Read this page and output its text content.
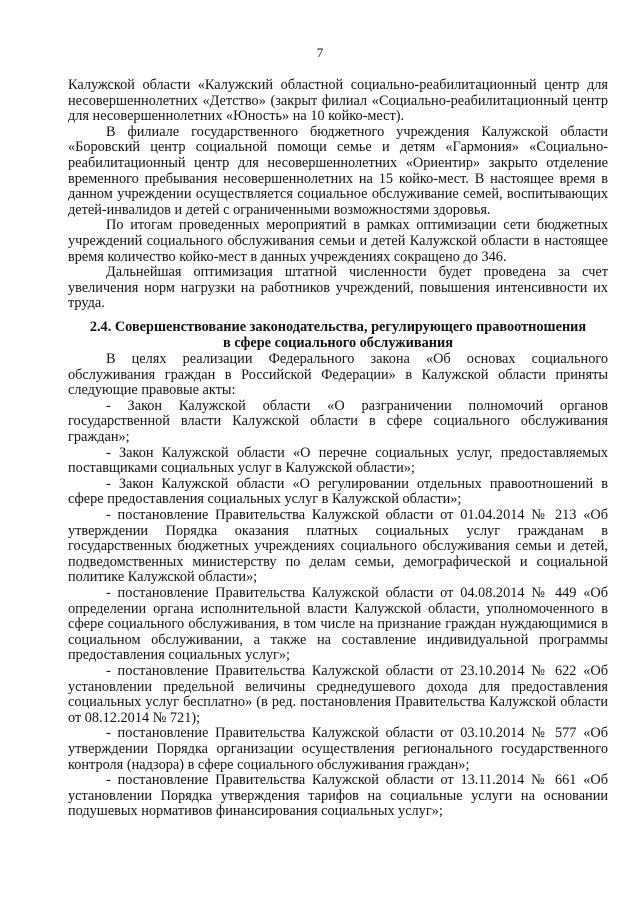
7

Калужской области «Калужский областной социально-реабилитационный центр для несовершеннолетних «Детство» (закрыт филиал «Социально-реабилитационный центр для несовершеннолетних «Юность» на 10 койко-мест).

В филиале государственного бюджетного учреждения Калужской области «Боровский центр социальной помощи семье и детям «Гармония» «Социально-реабилитационный центр для несовершеннолетних «Ориентир» закрыто отделение временного пребывания несовершеннолетних на 15 койко-мест. В настоящее время в данном учреждении осуществляется социальное обслуживание семей, воспитывающих детей-инвалидов и детей с ограниченными возможностями здоровья.

По итогам проведенных мероприятий в рамках оптимизации сети бюджетных учреждений социального обслуживания семьи и детей Калужской области в настоящее время количество койко-мест в данных учреждениях сокращено до 346.

Дальнейшая оптимизация штатной численности будет проведена за счет увеличения норм нагрузки на работников учреждений, повышения интенсивности их труда.

2.4. Совершенствование законодательства, регулирующего правоотношения
в сфере социального обслуживания

В целях реализации Федерального закона «Об основах социального обслуживания граждан в Российской Федерации» в Калужской области приняты следующие правовые акты:

- Закон Калужской области «О разграничении полномочий органов государственной власти Калужской области в сфере социального обслуживания граждан»;

- Закон Калужской области «О перечне социальных услуг, предоставляемых поставщиками социальных услуг в Калужской области»;

- Закон Калужской области «О регулировании отдельных правоотношений в сфере предоставления социальных услуг в Калужской области»;

- постановление Правительства Калужской области от 01.04.2014 № 213 «Об утверждении Порядка оказания платных социальных услуг гражданам в государственных бюджетных учреждениях социального обслуживания семьи и детей, подведомственных министерству по делам семьи, демографической и социальной политике Калужской области»;

- постановление Правительства Калужской области от 04.08.2014 № 449 «Об определении органа исполнительной власти Калужской области, уполномоченного в сфере социального обслуживания, в том числе на признание граждан нуждающимися в социальном обслуживании, а также на составление индивидуальной программы предоставления социальных услуг»;

- постановление Правительства Калужской области от 23.10.2014 № 622 «Об установлении предельной величины среднедушевого дохода для предоставления социальных услуг бесплатно» (в ред. постановления Правительства Калужской области от 08.12.2014 № 721);

- постановление Правительства Калужской области от 03.10.2014 № 577 «Об утверждении Порядка организации осуществления регионального государственного контроля (надзора) в сфере социального обслуживания граждан»;

- постановление Правительства Калужской области от 13.11.2014 № 661 «Об установлении Порядка утверждения тарифов на социальные услуги на основании подушевых нормативов финансирования социальных услуг»;
